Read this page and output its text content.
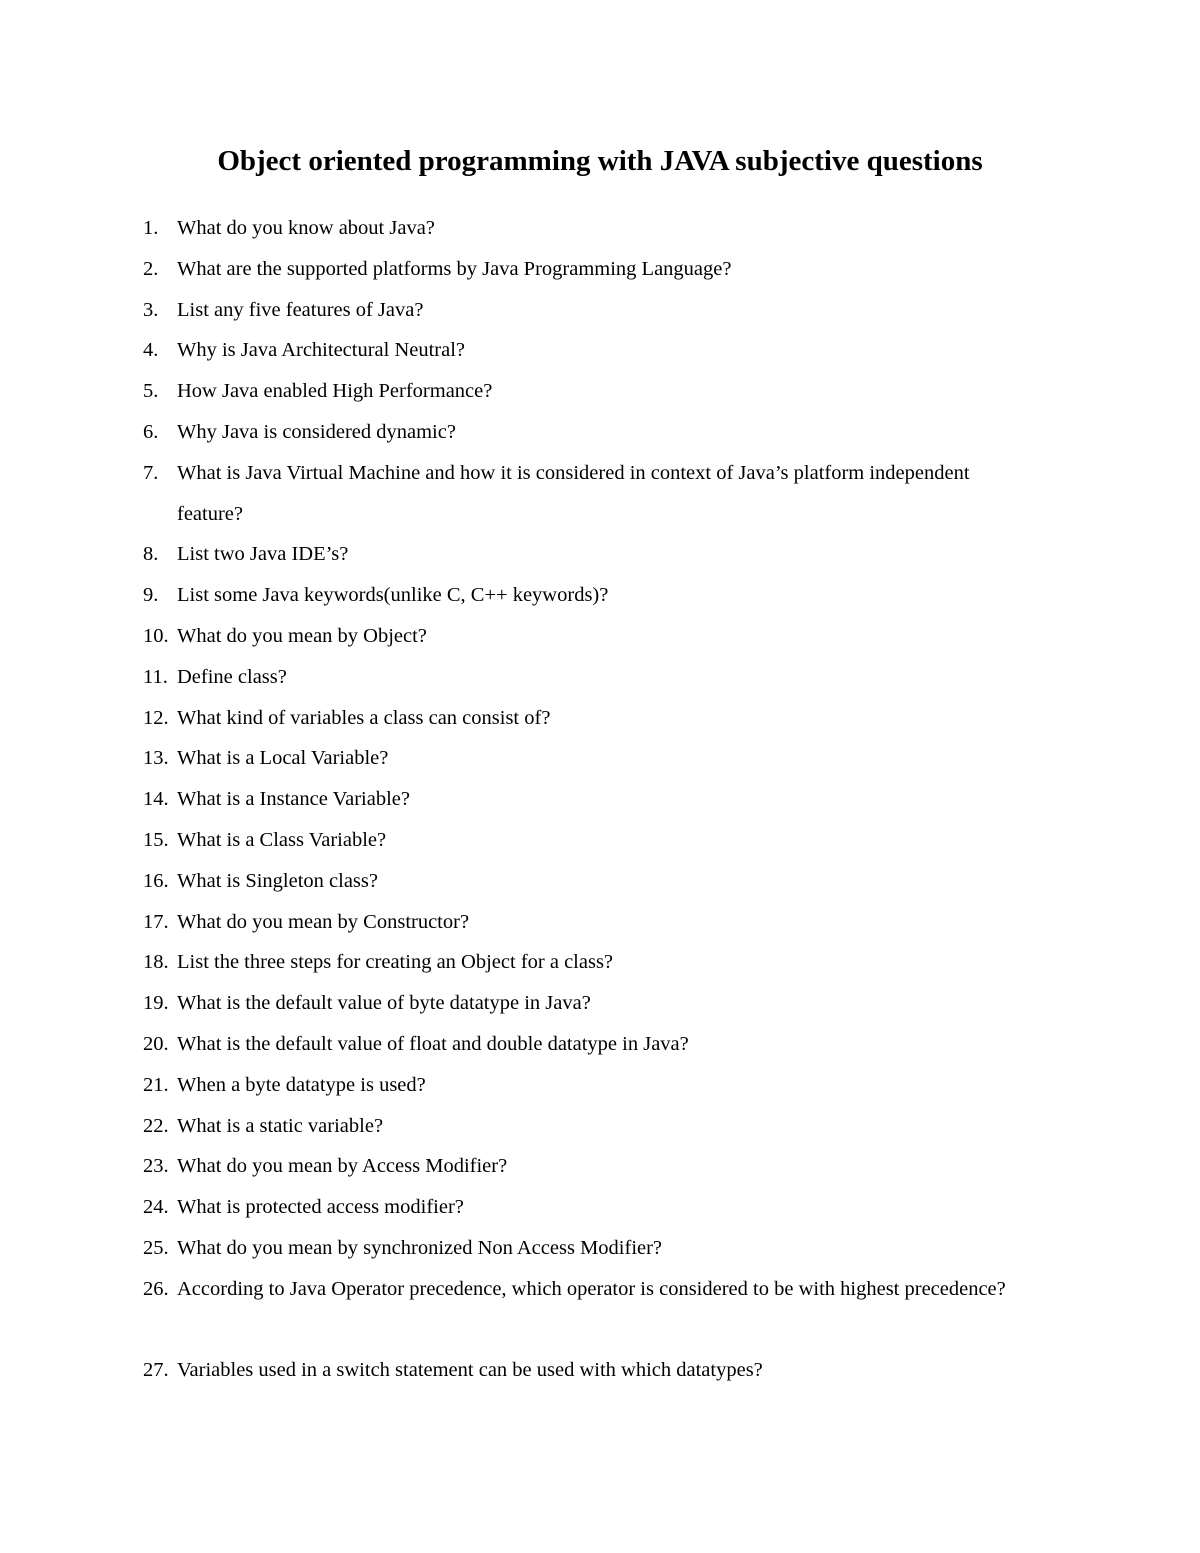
Object oriented programming with JAVA subjective questions
1. What do you know about Java?
2. What are the supported platforms by Java Programming Language?
3. List any five features of Java?
4. Why is Java Architectural Neutral?
5. How Java enabled High Performance?
6. Why Java is considered dynamic?
7. What is Java Virtual Machine and how it is considered in context of Java’s platform independent feature?
8. List two Java IDE’s?
9. List some Java keywords(unlike C, C++ keywords)?
10. What do you mean by Object?
11. Define class?
12. What kind of variables a class can consist of?
13. What is a Local Variable?
14. What is a Instance Variable?
15. What is a Class Variable?
16. What is Singleton class?
17. What do you mean by Constructor?
18. List the three steps for creating an Object for a class?
19. What is the default value of byte datatype in Java?
20. What is the default value of float and double datatype in Java?
21. When a byte datatype is used?
22. What is a static variable?
23. What do you mean by Access Modifier?
24. What is protected access modifier?
25. What do you mean by synchronized Non Access Modifier?
26. According to Java Operator precedence, which operator is considered to be with highest precedence?
27. Variables used in a switch statement can be used with which datatypes?
